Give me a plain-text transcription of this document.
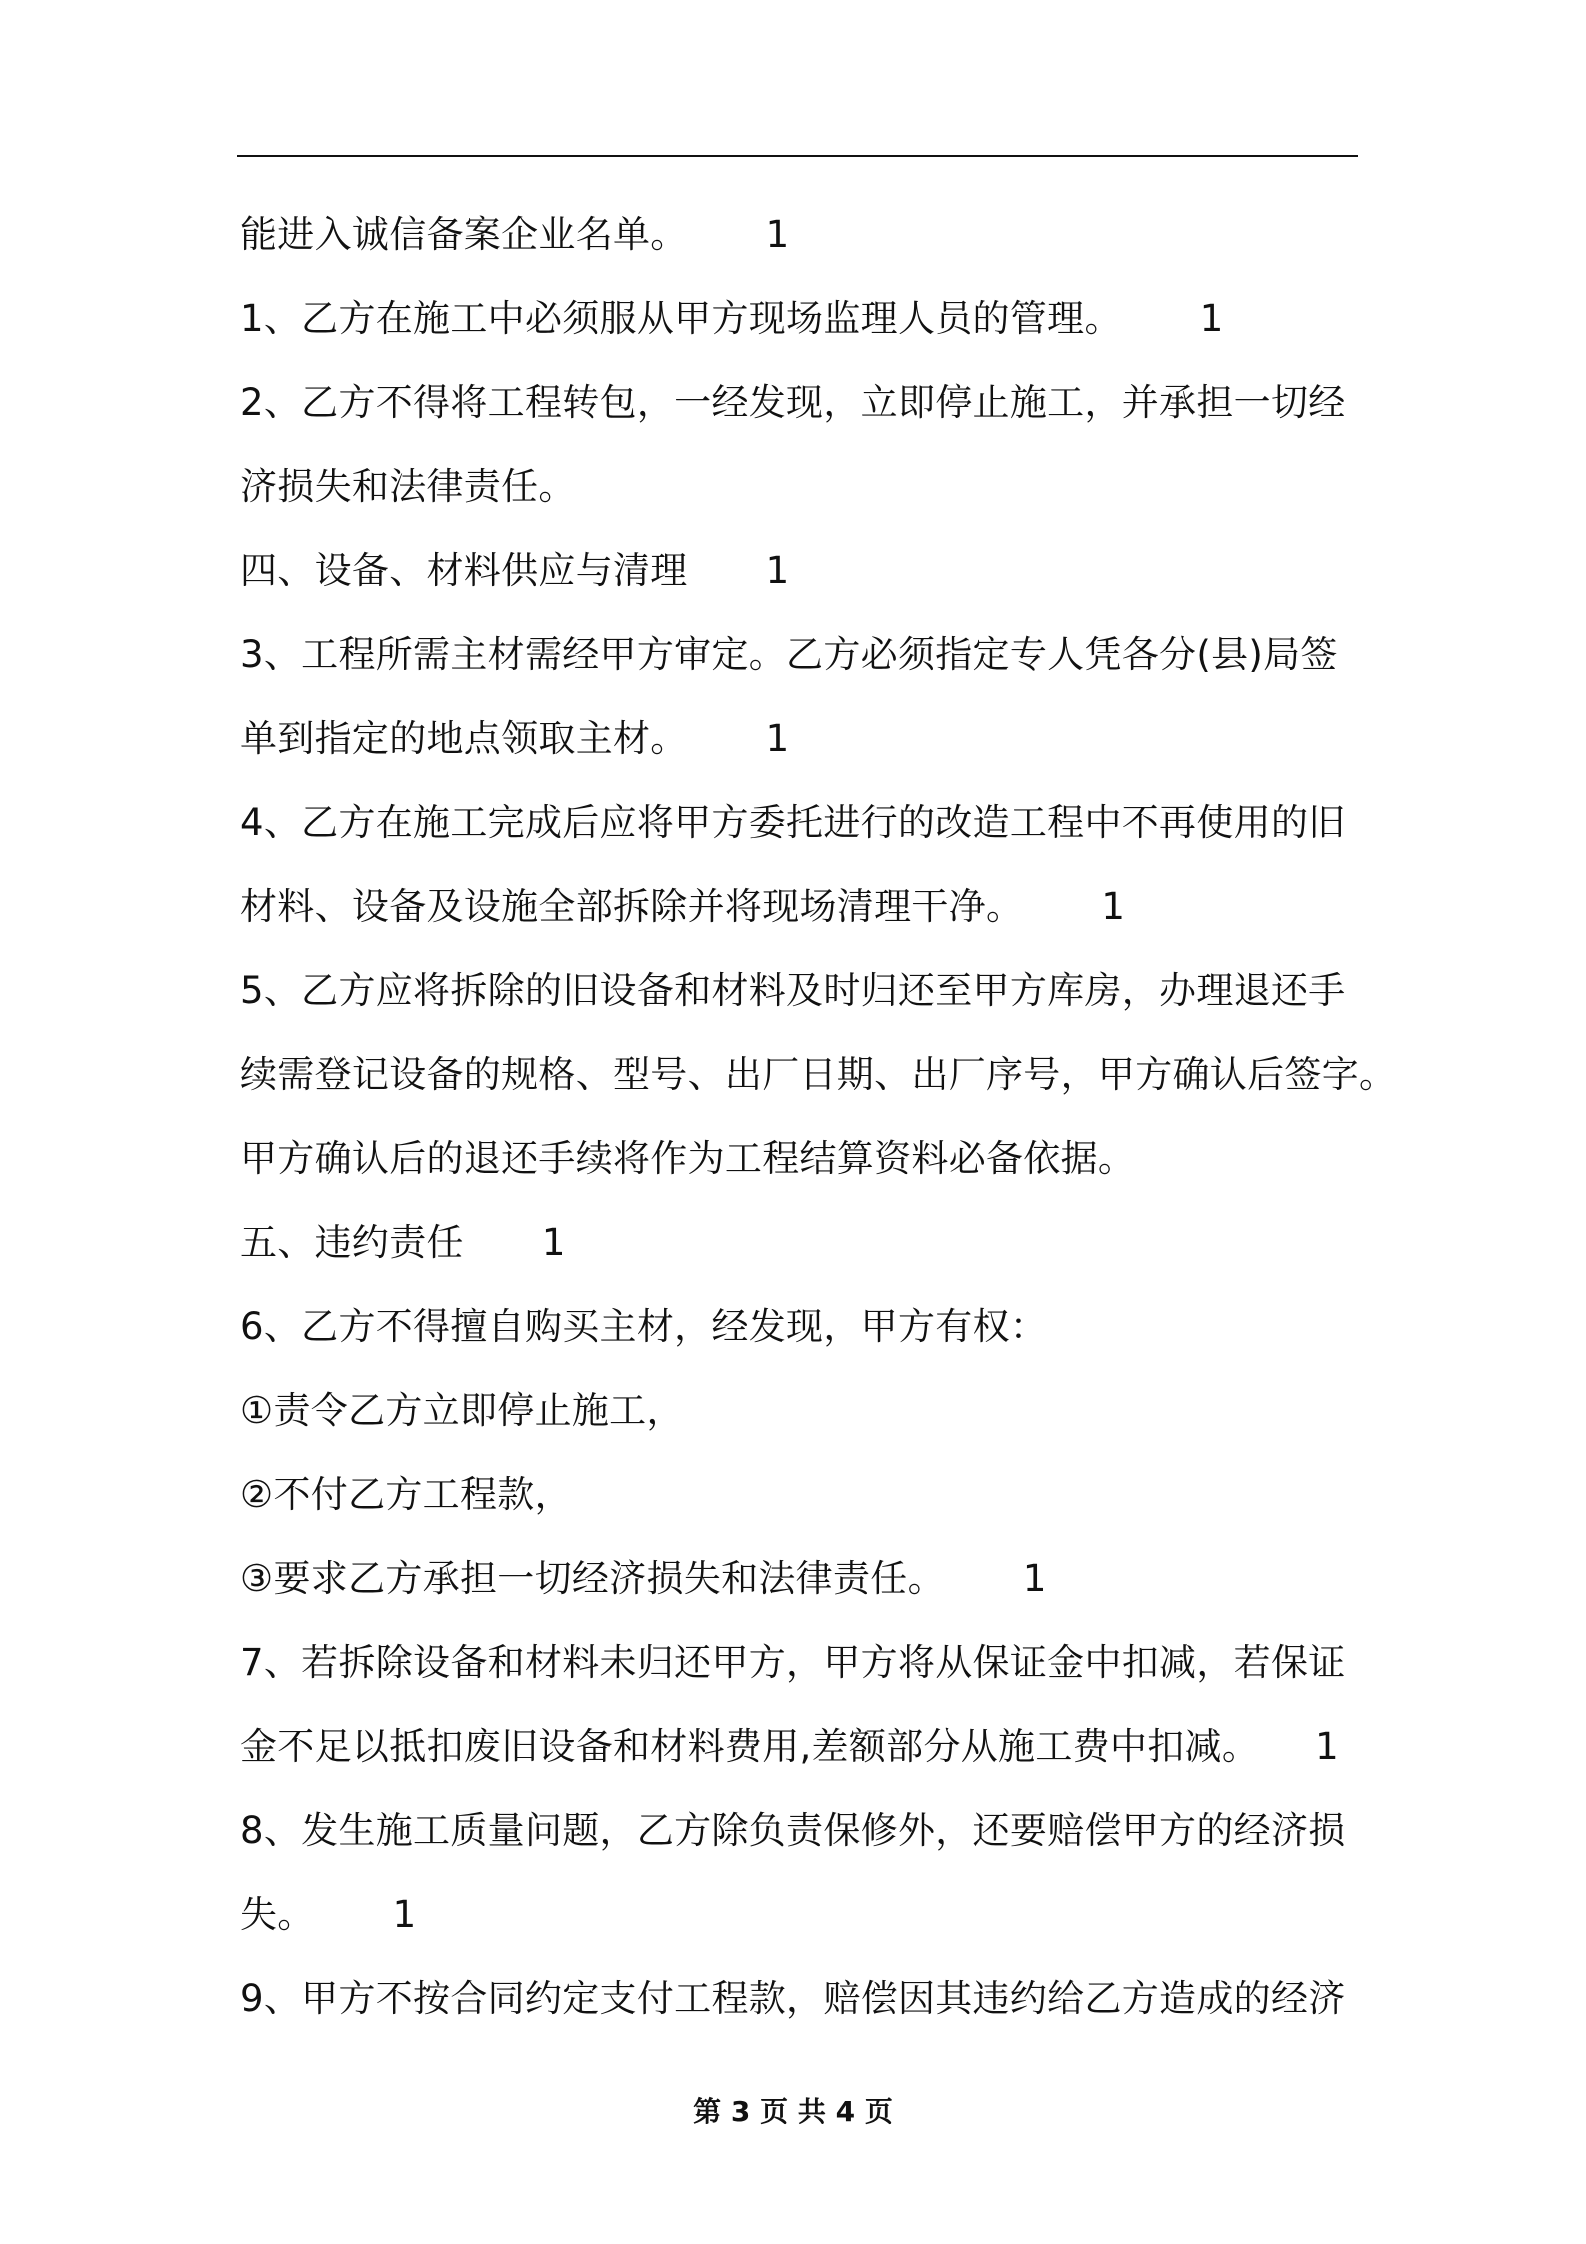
能进入诚信备案企业名单。 1
1、乙方在施工中必须服从甲方现场监理人员的管理。 1
2、乙方不得将工程转包，一经发现，立即停止施工，并承担一切经
济损失和法律责任。
四、设备、材料供应与清理 1
3、工程所需主材需经甲方审定。乙方必须指定专人凭各分(县)局签
单到指定的地点领取主材。 1
4、乙方在施工完成后应将甲方委托进行的改造工程中不再使用的旧
材料、设备及设施全部拆除并将现场清理干净。 1
5、乙方应将拆除的旧设备和材料及时归还至甲方库房，办理退还手
续需登记设备的规格、型号、出厂日期、出厂序号，甲方确认后签字。
甲方确认后的退还手续将作为工程结算资料必备依据。
五、违约责任 1
6、乙方不得擅自购买主材，经发现，甲方有权：
①责令乙方立即停止施工，
②不付乙方工程款，
③要求乙方承担一切经济损失和法律责任。 1
7、若拆除设备和材料未归还甲方，甲方将从保证金中扣减，若保证
金不足以抵扣废旧设备和材料费用,差额部分从施工费中扣减。 1
8、发生施工质量问题，乙方除负责保修外，还要赔偿甲方的经济损
失。 1
9、甲方不按合同约定支付工程款，赔偿因其违约给乙方造成的经济
第 3 页 共 4 页
